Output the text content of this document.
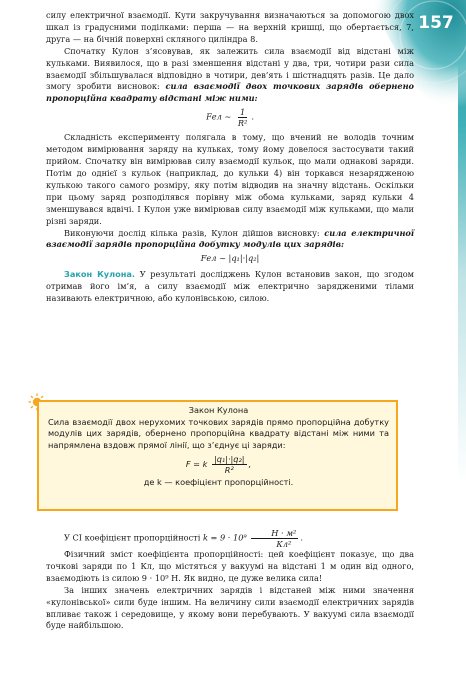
157

силу електричної взаємодії. Кути закручування визначаються за допомогою двох шкал із градусними поділками: перша — на верхній кришці, що обертається, 7, друга — на бічній поверхні скляного циліндра 8.

Спочатку Кулон з’ясовував, як залежить сила взаємодії від відстані між кульками. Виявилося, що в разі зменшення відстані у два, три, чотири рази сила взаємодії збільшувалася відповідно в чотири, дев’ять і шістнадцять разів. Це дало змогу зробити висновок: сила взаємодії двох точкових зарядів обернено пропорційна квадрату відстані між ними:

Fел ~ $\frac{1}{\text{R²}}$ .

Складність експерименту полягала в тому, що вчений не володів точним методом вимірювання заряду на кульках, тому йому довелося застосувати такий прийом. Спочатку він вимірював силу взаємодії кульок, що мали однакові заряди. Потім до однієї з кульок (наприклад, до кульки 4) він торкався незарядженою кулькою такого самого розміру, яку потім відводив на значну відстань. Оскільки при цьому заряд розподілявся порівну між обома кульками, заряд кульки 4 зменшувався вдвічі. І Кулон уже вимірював силу взаємодії між кульками, що мали різні заряди.

Виконуючи дослід кілька разів, Кулон дійшов висновку: сила електричної взаємодії зарядів пропорційна добутку модулів цих зарядів:

Fел ~ |q₁|·|q₂|

Закон Кулона. У результаті досліджень Кулон встановив закон, що згодом отримав його ім’я, а силу взаємодії між електрично зарядженими тілами називають електричною, або кулонівською, силою.

Закон Кулона
Сила взаємодії двох нерухомих точкових зарядів прямо пропорційна добутку модулів цих зарядів, обернено пропорційна квадрату відстані між ними та напрямлена вздовж прямої лінії, що з’єднує ці заряди:
F = k $\frac{\text{|q₁|·|q₂|}}{\text{R²}}$ ,
де k — коефіцієнт пропорційності.

У СІ коефіцієнт пропорційності $k = 9 \cdot 10^9 \frac{\text{Н · м²}}{\text{Кл²}}$ .

Фізичний зміст коефіцієнта пропорційності: цей коефіцієнт показує, що два точкові заряди по 1 Кл, що містяться у вакуумі на відстані 1 м один від одного, взаємодіють із силою 9 · 10⁹ Н. Як видно, це дуже велика сила!

За інших значень електричних зарядів і відстаней між ними значення «кулонівської» сили буде іншим. На величину сили взаємодії електричних зарядів впливає також і середовище, у якому вони перебувають. У вакуумі сила взаємодії буде найбільшою.
